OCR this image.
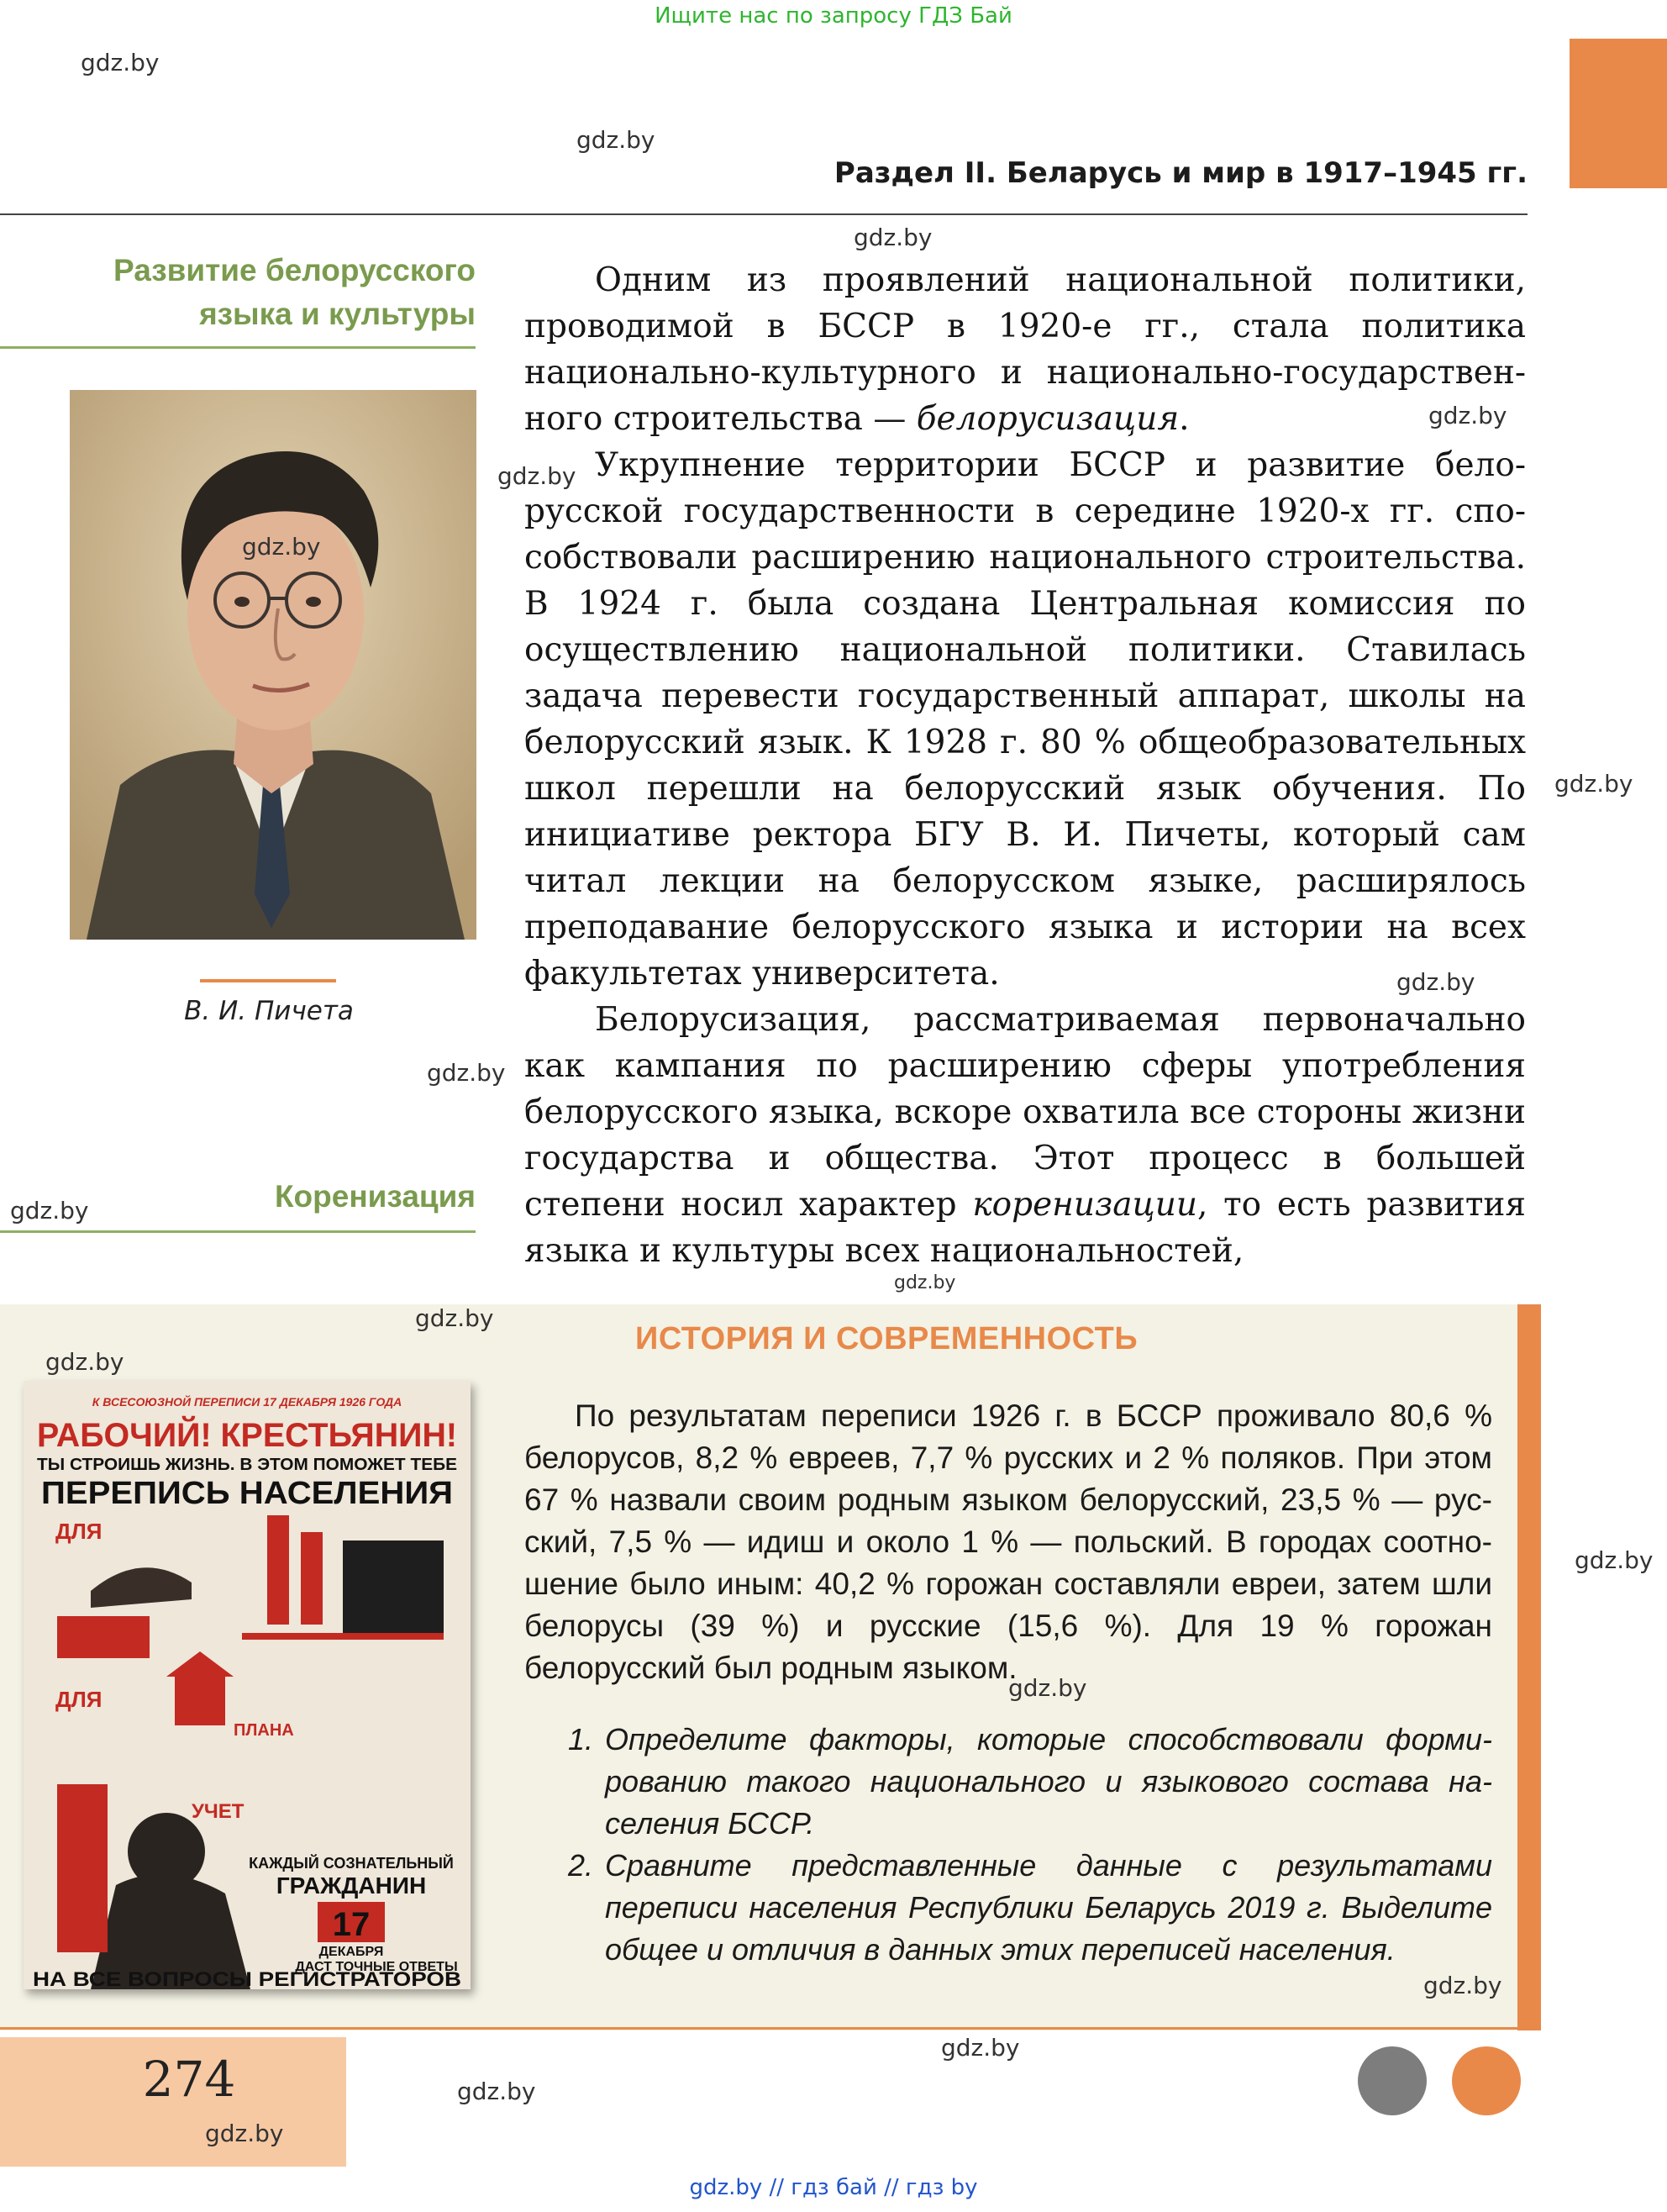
Ищите нас по запросу ГДЗ Бай
Раздел II. Беларусь и мир в 1917–1945 гг.
Развитие белорусского
языка и культуры
В. И. Пичета
Коренизация

Одним из проявлений национальной политики, проводимой в БССР в 1920-е гг., стала политика национально-культурного и национально-государственного строительства — белорусизация.

Укрупнение территории БССР и развитие белорусской государственности в середине 1920-х гг. способствовали расширению национального строительства. В 1924 г. была создана Центральная комиссия по осуществлению национальной политики. Ставилась задача перевести государственный аппарат, школы на белорусский язык. К 1928 г. 80 % общеобразовательных школ перешли на белорусский язык обучения. По инициативе ректора БГУ В. И. Пичеты, который сам читал лекции на белорусском языке, расширялось преподавание белорусского языка и истории на всех факультетах университета.

Белорусизация, рассматриваемая первоначально как кампания по расширению сферы употребления белорусского языка, вскоре охватила все стороны жизни государства и общества. Этот процесс в большей степени носил характер коренизации, то есть развития языка и культуры всех национальностей,

ИСТОРИЯ И СОВРЕМЕННОСТЬ
К ВСЕСОЮЗНОЙ ПЕРЕПИСИ 17 ДЕКАБРЯ 1926 ГОДА
РАБОЧИЙ! КРЕСТЬЯНИН!
ТЫ СТРОИШЬ ЖИЗНЬ. В ЭТОМ ПОМОЖЕТ ТЕБЕ
ПЕРЕПИСЬ НАСЕЛЕНИЯ
ДЛЯ
ДЛЯ
ПЛАНА
УЧЕТ
КАЖДЫЙ СОЗНАТЕЛЬНЫЙ
ГРАЖДАНИН
17
ДЕКАБРЯ
ДАСТ ТОЧНЫЕ ОТВЕТЫ
НА ВСЕ ВОПРОСЫ РЕГИСТРАТОРОВ

По результатам переписи 1926 г. в БССР проживало 80,6 % белорусов, 8,2 % евреев, 7,7 % русских и 2 % поляков. При этом 67 % назвали своим родным языком белорусский, 23,5 % — русский, 7,5 % — идиш и около 1 % — польский. В городах соотношение было иным: 40,2 % горожан составляли евреи, затем шли белорусы (39 %) и русские (15,6 %). Для 19 % горожан белорусский был родным языком.

1. Определите факторы, которые способствовали формированию такого национального и языкового состава населения БССР.
2. Сравните представленные данные с результатами переписи населения Республики Беларусь 2019 г. Выделите общее и отличия в данных этих переписей населения.
274
gdz.by // гдз бай // гдз by
gdz.by
gdz.by
gdz.by
gdz.by
gdz.by
gdz.by
gdz.by
gdz.by
gdz.by
gdz.by
gdz.by
gdz.by
gdz.by
gdz.by
gdz.by
gdz.by
gdz.by
gdz.by
gdz.by
